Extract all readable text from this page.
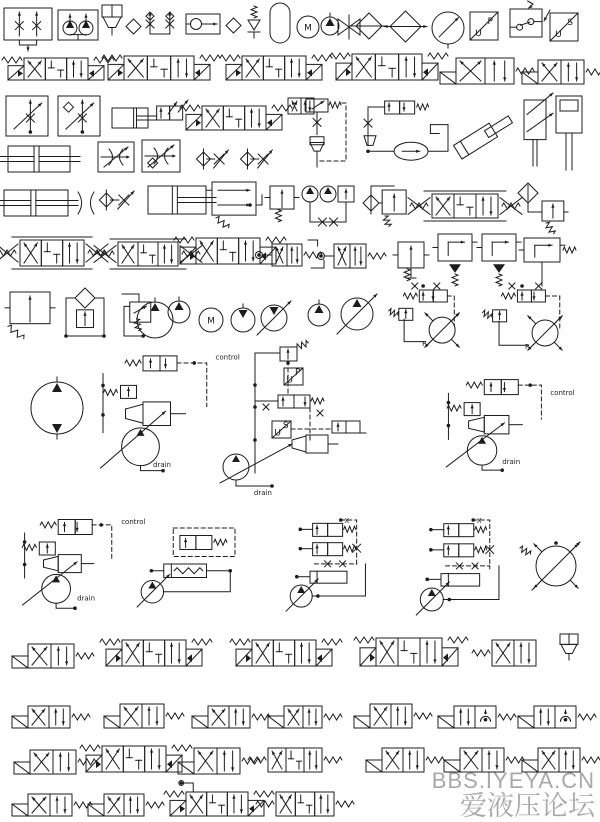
M
U
P
U
S
M
R	R
control
drain
U
P
U
S
drain
control
drain
control
drain
X	X
BBS.IYEYA.CN
爱液压论坛
